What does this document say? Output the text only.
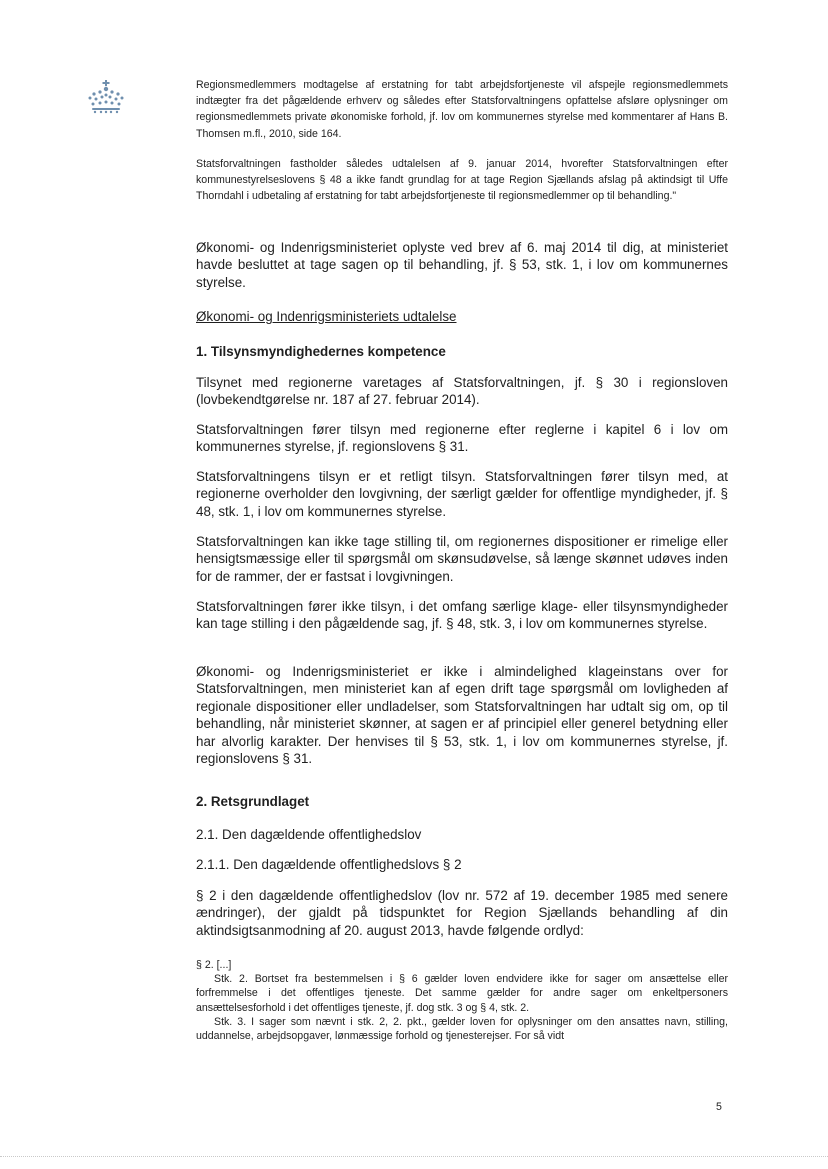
Regionsmedlemmers modtagelse af erstatning for tabt arbejdsfortjeneste vil afspejle regionsmedlemmets indtægter fra det pågældende erhverv og således efter Statsforvaltningens opfattelse afsløre oplysninger om regionsmedlemmets private økonomiske forhold, jf. lov om kommunernes styrelse med kommentarer af Hans B. Thomsen m.fl., 2010, side 164.

Statsforvaltningen fastholder således udtalelsen af 9. januar 2014, hvorefter Statsforvaltningen efter kommunestyrelseslovens § 48 a ikke fandt grundlag for at tage Region Sjællands afslag på aktindsigt til Uffe Thorndahl i udbetaling af erstatning for tabt arbejdsfortjeneste til regionsmedlemmer op til behandling."

Økonomi- og Indenrigsministeriet oplyste ved brev af 6. maj 2014 til dig, at ministeriet havde besluttet at tage sagen op til behandling, jf. § 53, stk. 1, i lov om kommunernes styrelse.

Økonomi- og Indenrigsministeriets udtalelse

1. Tilsynsmyndighedernes kompetence

Tilsynet med regionerne varetages af Statsforvaltningen, jf. § 30 i regionsloven (lovbekendtgørelse nr. 187 af 27. februar 2014).

Statsforvaltningen fører tilsyn med regionerne efter reglerne i kapitel 6 i lov om kommunernes styrelse, jf. regionslovens § 31.

Statsforvaltningens tilsyn er et retligt tilsyn. Statsforvaltningen fører tilsyn med, at regionerne overholder den lovgivning, der særligt gælder for offentlige myndigheder, jf. § 48, stk. 1, i lov om kommunernes styrelse.

Statsforvaltningen kan ikke tage stilling til, om regionernes dispositioner er rimelige eller hensigtsmæssige eller til spørgsmål om skønsudøvelse, så længe skønnet udøves inden for de rammer, der er fastsat i lovgivningen.

Statsforvaltningen fører ikke tilsyn, i det omfang særlige klage- eller tilsynsmyndigheder kan tage stilling i den pågældende sag, jf. § 48, stk. 3, i lov om kommunernes styrelse.

Økonomi- og Indenrigsministeriet er ikke i almindelighed klageinstans over for Statsforvaltningen, men ministeriet kan af egen drift tage spørgsmål om lovligheden af regionale dispositioner eller undladelser, som Statsforvaltningen har udtalt sig om, op til behandling, når ministeriet skønner, at sagen er af principiel eller generel betydning eller har alvorlig karakter. Der henvises til § 53, stk. 1, i lov om kommunernes styrelse, jf. regionslovens § 31.

2. Retsgrundlaget

2.1. Den dagældende offentlighedslov

2.1.1. Den dagældende offentlighedslovs § 2

§ 2 i den dagældende offentlighedslov (lov nr. 572 af 19. december 1985 med senere ændringer), der gjaldt på tidspunktet for Region Sjællands behandling af din aktindsigtsanmodning af 20. august 2013, havde følgende ordlyd:

§ 2. [...]

Stk. 2. Bortset fra bestemmelsen i § 6 gælder loven endvidere ikke for sager om ansættelse eller forfremmelse i det offentliges tjeneste. Det samme gælder for andre sager om enkeltpersoners ansættelsesforhold i det offentliges tjeneste, jf. dog stk. 3 og § 4, stk. 2.

Stk. 3. I sager som nævnt i stk. 2, 2. pkt., gælder loven for oplysninger om den ansattes navn, stilling, uddannelse, arbejdsopgaver, lønmæssige forhold og tjenesterejser. For så vidt

5
